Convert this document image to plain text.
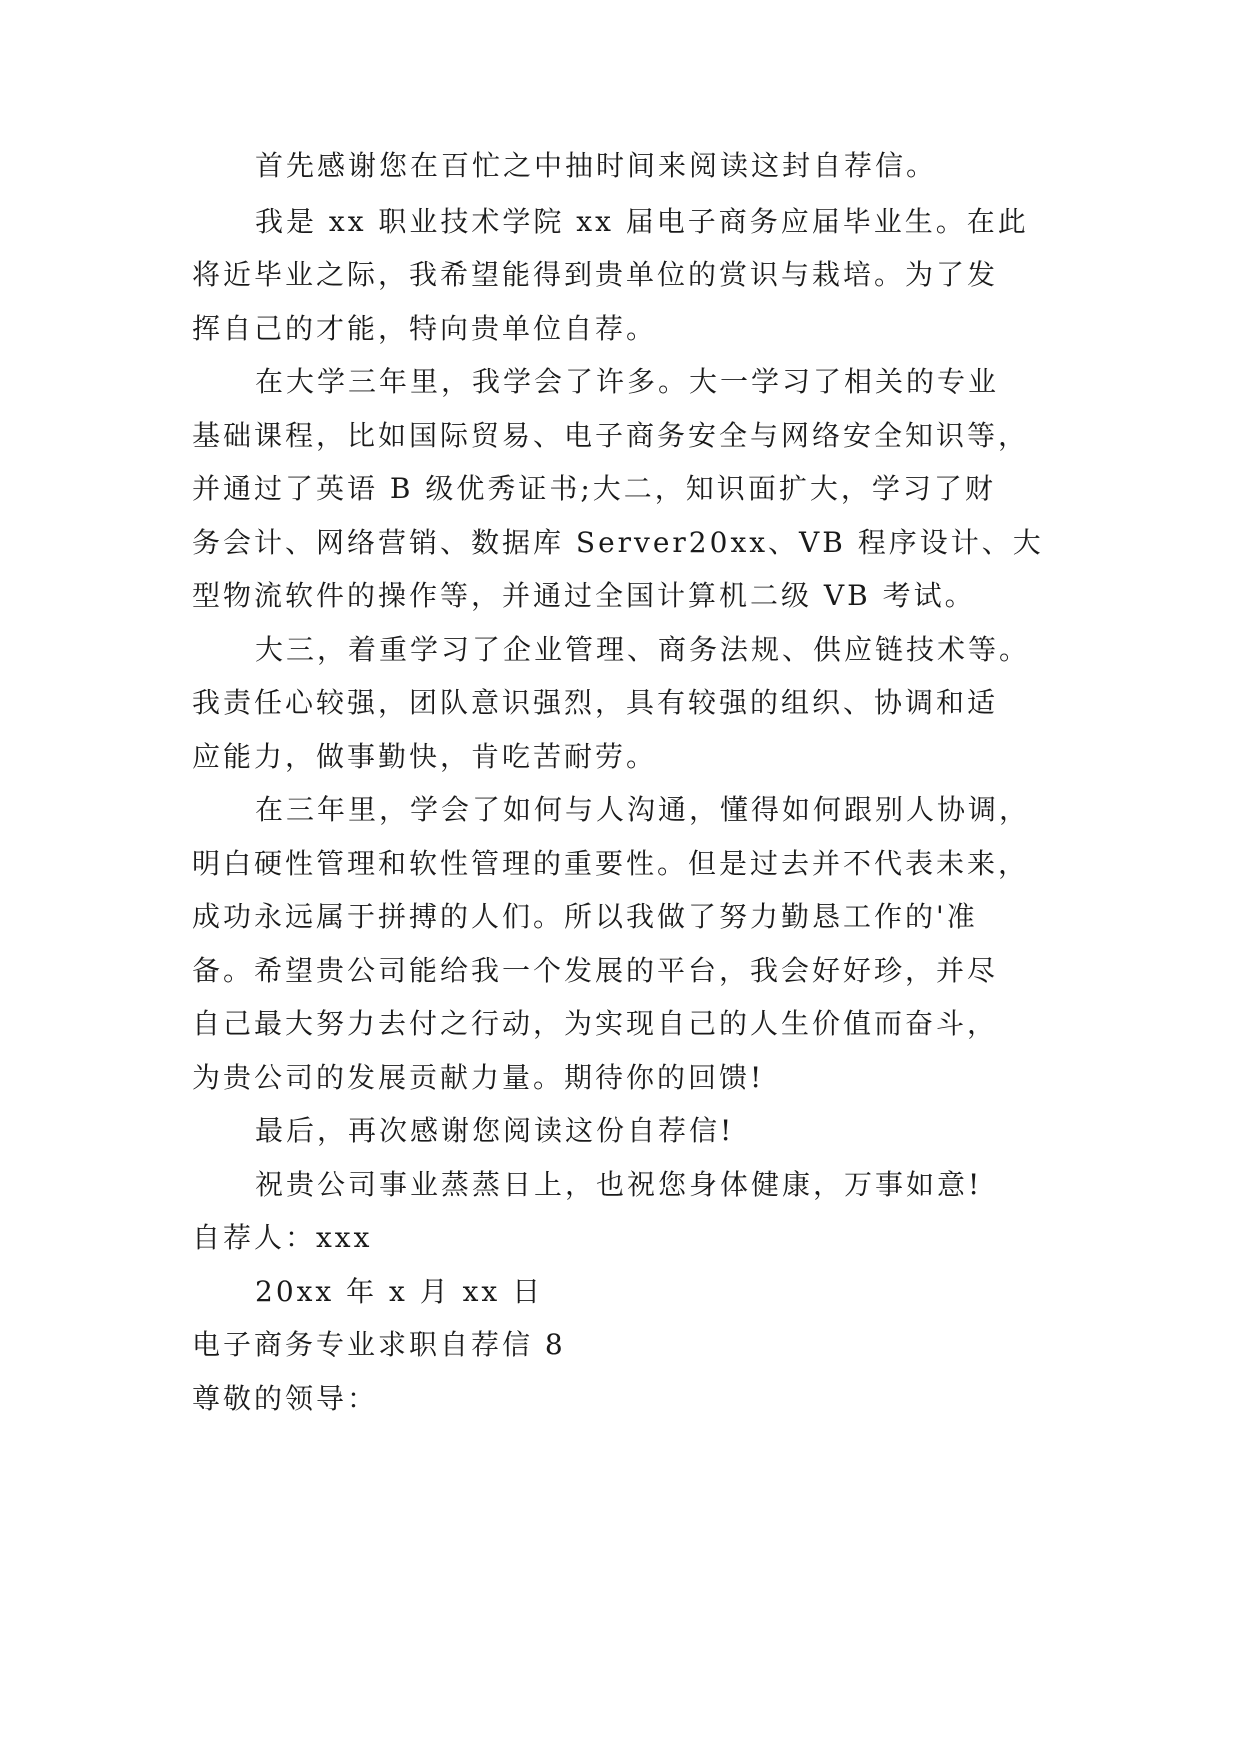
首先感谢您在百忙之中抽时间来阅读这封自荐信。
我是 xx 职业技术学院 xx 届电子商务应届毕业生。在此
将近毕业之际，我希望能得到贵单位的赏识与栽培。为了发
挥自己的才能，特向贵单位自荐。
在大学三年里，我学会了许多。大一学习了相关的专业
基础课程，比如国际贸易、电子商务安全与网络安全知识等，
并通过了英语 B 级优秀证书;大二，知识面扩大，学习了财
务会计、网络营销、数据库 Server20xx、VB 程序设计、大
型物流软件的操作等，并通过全国计算机二级 VB 考试。
大三，着重学习了企业管理、商务法规、供应链技术等。
我责任心较强，团队意识强烈，具有较强的组织、协调和适
应能力，做事勤快，肯吃苦耐劳。
在三年里，学会了如何与人沟通，懂得如何跟别人协调，
明白硬性管理和软性管理的重要性。但是过去并不代表未来，
成功永远属于拼搏的人们。所以我做了努力勤恳工作的'准
备。希望贵公司能给我一个发展的平台，我会好好珍，并尽
自己最大努力去付之行动，为实现自己的人生价值而奋斗，
为贵公司的发展贡献力量。期待你的回馈!
最后，再次感谢您阅读这份自荐信!
祝贵公司事业蒸蒸日上，也祝您身体健康，万事如意!
自荐人：xxx
20xx 年 x 月 xx 日
电子商务专业求职自荐信 8
尊敬的领导：
